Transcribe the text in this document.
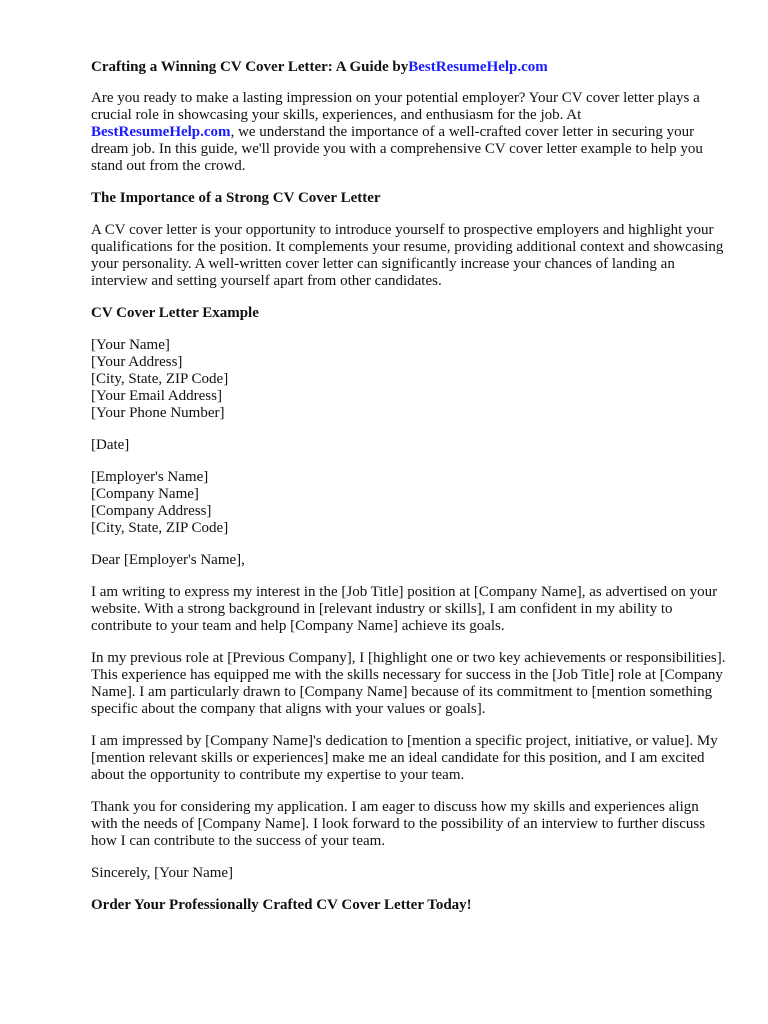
Crafting a Winning CV Cover Letter: A Guide byBestResumeHelp.com

Are you ready to make a lasting impression on your potential employer? Your CV cover letter plays a crucial role in showcasing your skills, experiences, and enthusiasm for the job. At BestResumeHelp.com, we understand the importance of a well-crafted cover letter in securing your dream job. In this guide, we'll provide you with a comprehensive CV cover letter example to help you stand out from the crowd.

The Importance of a Strong CV Cover Letter

A CV cover letter is your opportunity to introduce yourself to prospective employers and highlight your qualifications for the position. It complements your resume, providing additional context and showcasing your personality. A well-written cover letter can significantly increase your chances of landing an interview and setting yourself apart from other candidates.

CV Cover Letter Example

[Your Name]
[Your Address]
[City, State, ZIP Code]
[Your Email Address]
[Your Phone Number]

[Date]

[Employer's Name]
[Company Name]
[Company Address]
[City, State, ZIP Code]

Dear [Employer's Name],

I am writing to express my interest in the [Job Title] position at [Company Name], as advertised on your website. With a strong background in [relevant industry or skills], I am confident in my ability to contribute to your team and help [Company Name] achieve its goals.

In my previous role at [Previous Company], I [highlight one or two key achievements or responsibilities]. This experience has equipped me with the skills necessary for success in the [Job Title] role at [Company Name]. I am particularly drawn to [Company Name] because of its commitment to [mention something specific about the company that aligns with your values or goals].

I am impressed by [Company Name]'s dedication to [mention a specific project, initiative, or value]. My [mention relevant skills or experiences] make me an ideal candidate for this position, and I am excited about the opportunity to contribute my expertise to your team.

Thank you for considering my application. I am eager to discuss how my skills and experiences align with the needs of [Company Name]. I look forward to the possibility of an interview to further discuss how I can contribute to the success of your team.

Sincerely, [Your Name]

Order Your Professionally Crafted CV Cover Letter Today!
